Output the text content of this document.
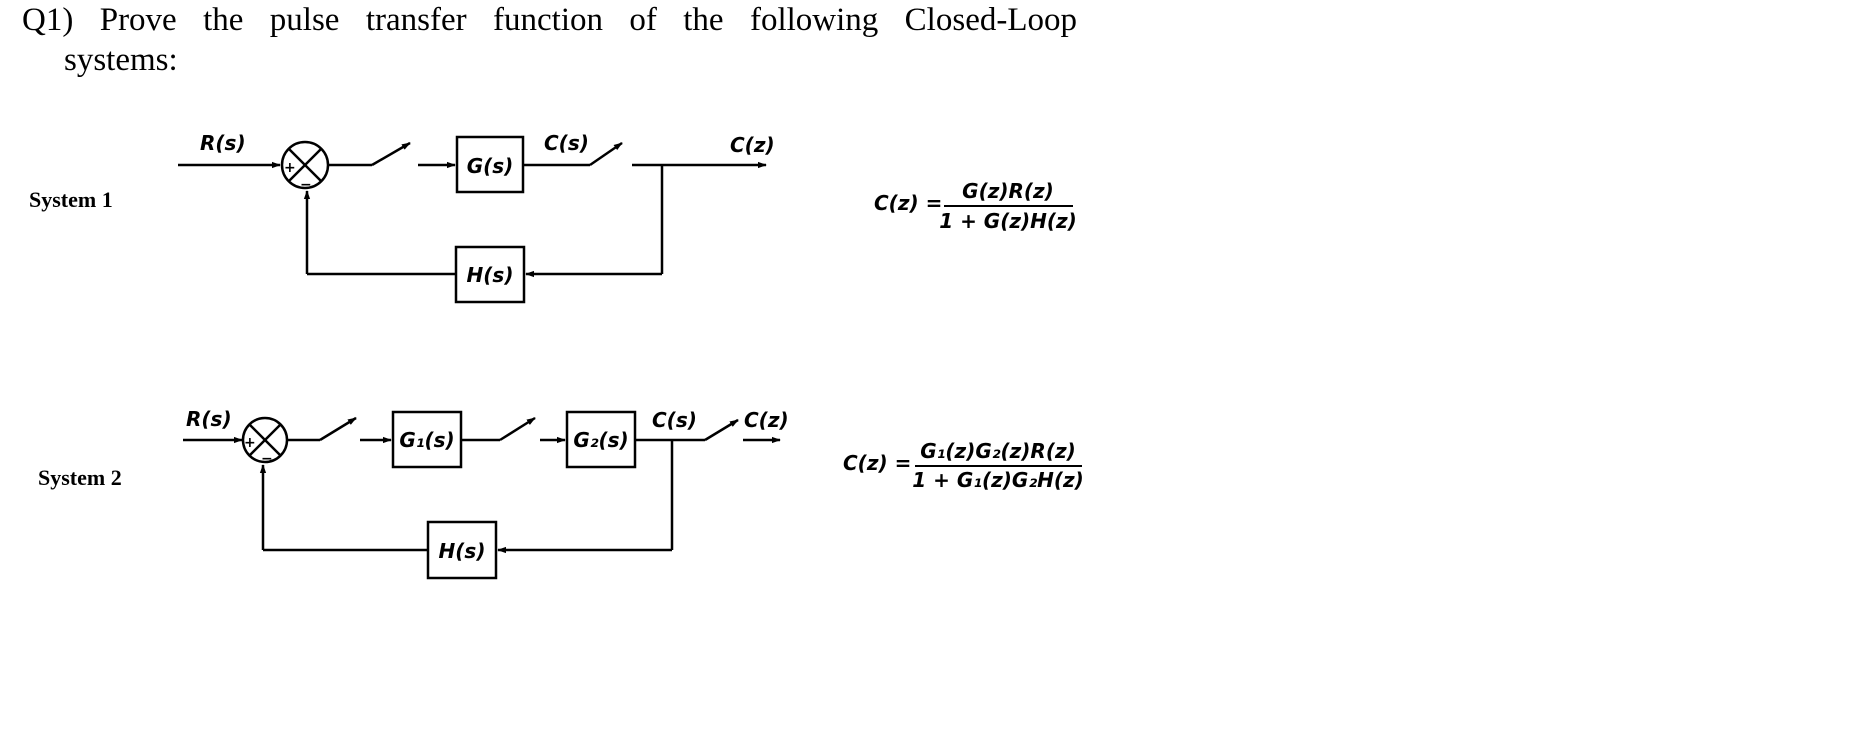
Q1) Prove the pulse transfer function of the following Closed-Loop
systems:
System 1
System 2
R(s)
+
−
G(s)
C(s)	C(z)
H(s)
C(z) = G(z)R(z)
1 + G(z)H(z)
R(s)
+
−
G₁(s)	G₂(s)
C(s) C(z)
H(s)
C(z) = G₁(z)G₂(z)R(z)
1 + G₁(z)G₂H(z)
